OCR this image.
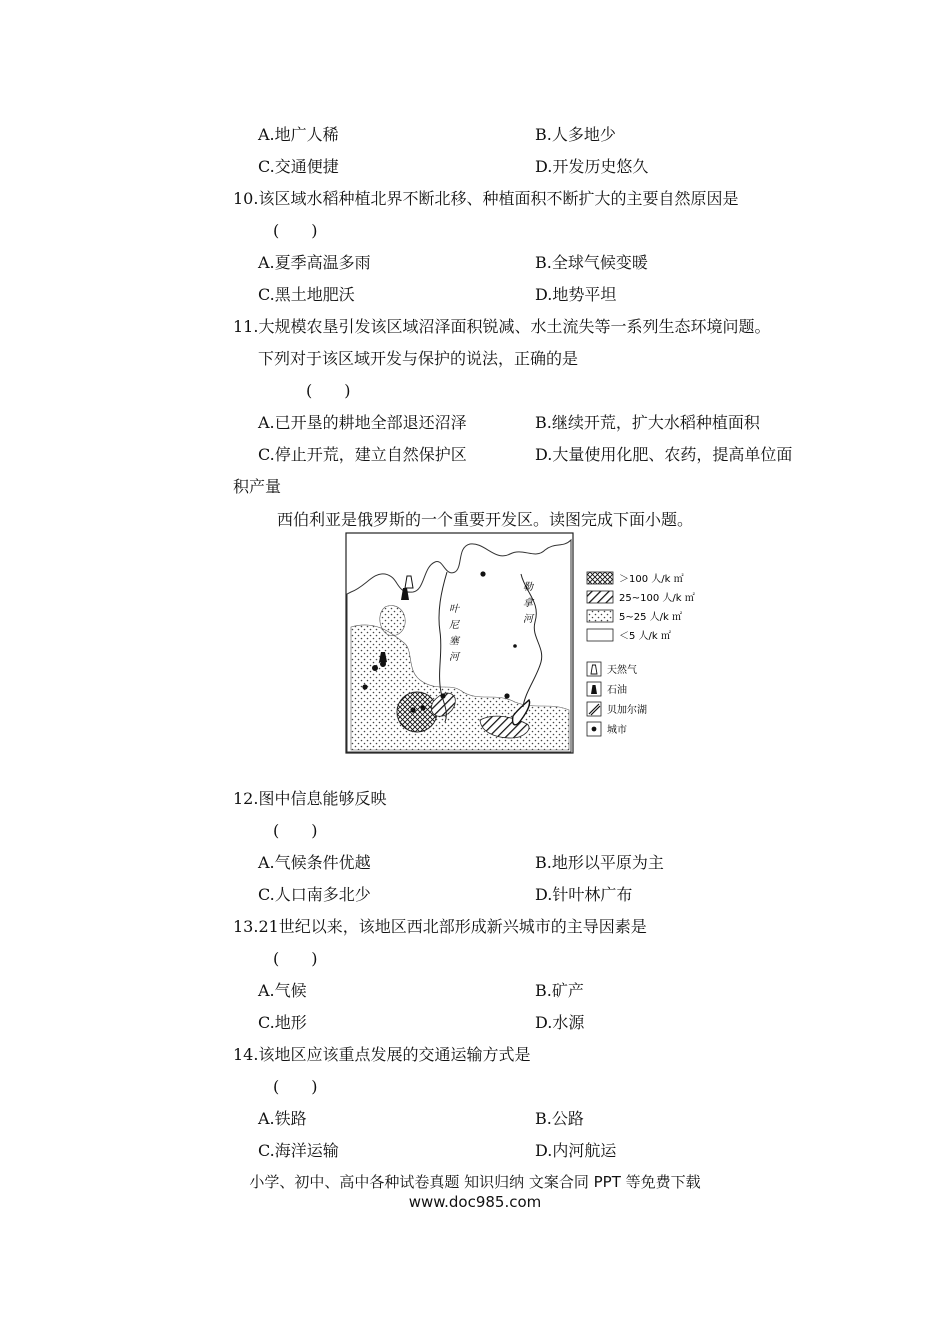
A.地广人稀	B.人多地少
C.交通便捷	D.开发历史悠久
10.该区域水稻种植北界不断北移、种植面积不断扩大的主要自然原因是
(　　)
A.夏季高温多雨	B.全球气候变暖
C.黑土地肥沃	D.地势平坦
11.大规模农垦引发该区域沼泽面积锐减、水土流失等一系列生态环境问题。
下列对于该区域开发与保护的说法，正确的是
(　　)
A.已开垦的耕地全部退还沼泽	B.继续开荒，扩大水稻种植面积
C.停止开荒，建立自然保护区	D.大量使用化肥、农药，提高单位面
积产量
西伯利亚是俄罗斯的一个重要开发区。读图完成下面小题。
叶
尼
塞
河
勒
拿
河
＞100 人/k ㎡
25~100 人/k ㎡
5~25 人/k ㎡
＜5 人/k ㎡
天然气
石油
贝加尔湖
城市
12.图中信息能够反映
(　　)
A.气候条件优越	B.地形以平原为主
C.人口南多北少	D.针叶林广布
13.21世纪以来，该地区西北部形成新兴城市的主导因素是
(　　)
A.气候	B.矿产
C.地形	D.水源
14.该地区应该重点发展的交通运输方式是
(　　)
A.铁路	B.公路
C.海洋运输	D.内河航运
小学、初中、高中各种试卷真题 知识归纳 文案合同 PPT 等免费下载
www.doc985.com
